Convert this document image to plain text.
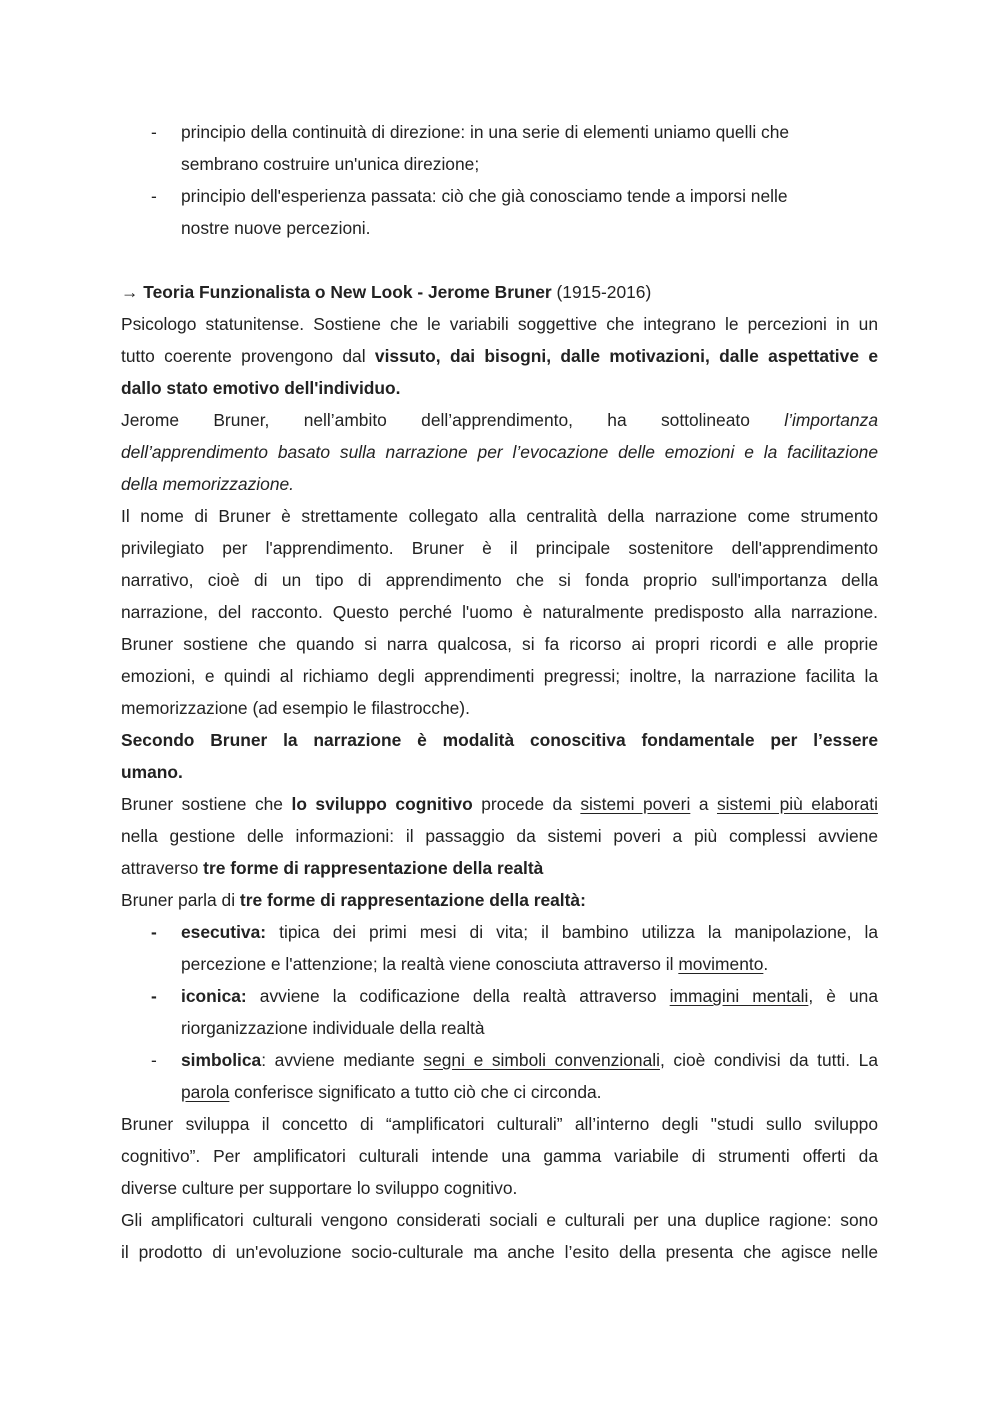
-	principio della continuità di direzione: in una serie di elementi uniamo quelli che
sembrano costruire un'unica direzione;
-	principio dell'esperienza passata: ciò che già conosciamo tende a imporsi nelle
nostre nuove percezioni.
→ Teoria Funzionalista o New Look - Jerome Bruner (1915-2016)
Psicologo statunitense. Sostiene che le variabili soggettive che integrano le percezioni in un
tutto coerente provengono dal vissuto, dai bisogni, dalle motivazioni, dalle aspettative e
dallo stato emotivo dell'individuo.
Jerome Bruner, nell’ambito dell’apprendimento, ha sottolineato l’importanza
dell’apprendimento basato sulla narrazione per l’evocazione delle emozioni e la facilitazione
della memorizzazione.
Il nome di Bruner è strettamente collegato alla centralità della narrazione come strumento
privilegiato per l'apprendimento. Bruner è il principale sostenitore dell'apprendimento
narrativo, cioè di un tipo di apprendimento che si fonda proprio sull'importanza della
narrazione, del racconto. Questo perché l'uomo è naturalmente predisposto alla narrazione.
Bruner sostiene che quando si narra qualcosa, si fa ricorso ai propri ricordi e alle proprie
emozioni, e quindi al richiamo degli apprendimenti pregressi; inoltre, la narrazione facilita la
memorizzazione (ad esempio le filastrocche).
Secondo Bruner la narrazione è modalità conoscitiva fondamentale per l’essere
umano.
Bruner sostiene che lo sviluppo cognitivo procede da sistemi poveri a sistemi più elaborati
nella gestione delle informazioni: il passaggio da sistemi poveri a più complessi avviene
attraverso tre forme di rappresentazione della realtà
Bruner parla di tre forme di rappresentazione della realtà:
-	esecutiva: tipica dei primi mesi di vita; il bambino utilizza la manipolazione, la
percezione e l'attenzione; la realtà viene conosciuta attraverso il movimento.
-	iconica: avviene la codificazione della realtà attraverso immagini mentali, è una
riorganizzazione individuale della realtà
-	simbolica: avviene mediante segni e simboli convenzionali, cioè condivisi da tutti. La
parola conferisce significato a tutto ciò che ci circonda.
Bruner sviluppa il concetto di “amplificatori culturali” all’interno degli "studi sullo sviluppo
cognitivo”. Per amplificatori culturali intende una gamma variabile di strumenti offerti da
diverse culture per supportare lo sviluppo cognitivo.
Gli amplificatori culturali vengono considerati sociali e culturali per una duplice ragione: sono
il prodotto di un'evoluzione socio-culturale ma anche l’esito della presenta che agisce nelle
